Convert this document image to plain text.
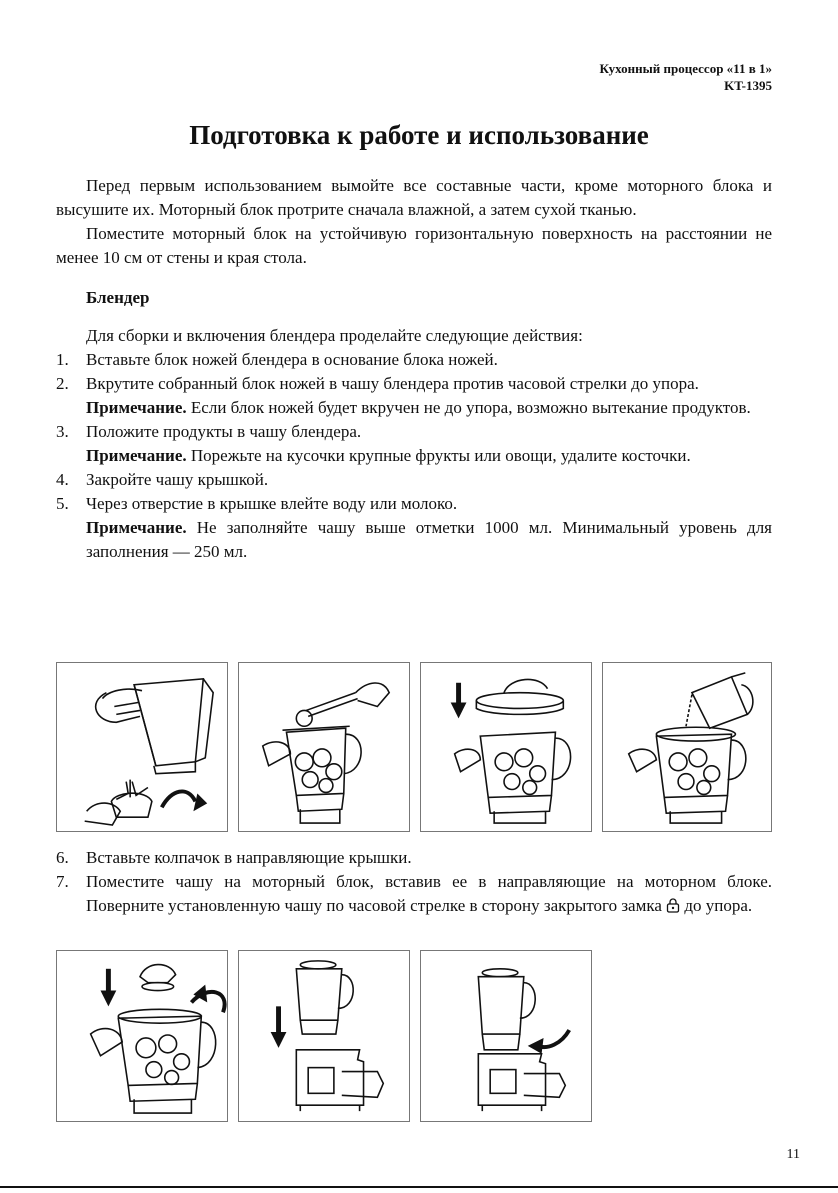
Кухонный процессор «11 в 1»
KT-1395
Подготовка к работе и использование

Перед первым использованием вымойте все составные части, кроме моторного блока и высушите их. Моторный блок протрите сначала влажной, а затем сухой тканью.

Поместите моторный блок на устойчивую горизонтальную поверхность на расстоянии не менее 10 см от стены и края стола.

Блендер

Для сборки и включения блендера проделайте следующие действия:

1. Вставьте блок ножей блендера в основание блока ножей.
2. Вкрутите собранный блок ножей в чашу блендера против часовой стрелки до упора.
Примечание. Если блок ножей будет вкручен не до упора, возможно вытекание продуктов.
3. Положите продукты в чашу блендера.
Примечание. Порежьте на кусочки крупные фрукты или овощи, удалите косточки.
4. Закройте чашу крышкой.
5. Через отверстие в крышке влейте воду или молоко.
Примечание. Не заполняйте чашу выше отметки 1000 мл. Минимальный уровень для заполнения — 250 мл.
6. Вставьте колпачок в направляющие крышки.
7. Поместите чашу на моторный блок, вставив ее в направляющие на моторном блоке. Поверните установленную чашу по часовой стрелке в сторону закрытого замка  до упора.
11
